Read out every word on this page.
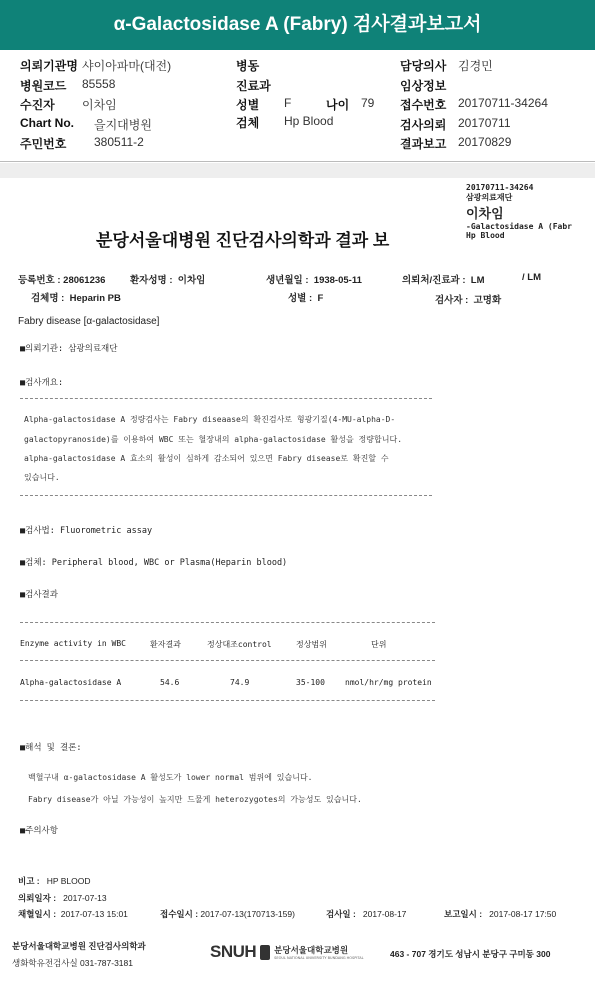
α-Galactosidase A (Fabry) 검사결과보고서
의뢰기관명 샤이아파마(대전)
병원코드 85558
수진자 이차임
Chart No. 을지대병원
주민번호 380511-2
병동
진료과
성별 F	나이 79
검체 Hp Blood
담당의사 김경민
임상정보
접수번호 20170711-34264
검사의뢰 20170711
결과보고 20170829
20170711-34264
삼광의료재단
이차임
-Galactosidase A (Fabr
Hp Blood
분당서울대병원 진단검사의학과 결과 보
등록번호 : 28061236	환자성명 : 이차임	생년월일 : 1938-05-11	의뢰처/진료과 : LM	/ LM
검체명 : Heparin PB	성별 : F	검사자 : 고명화
Fabry disease [α-galactosidase]
■의뢰기관: 삼광의료재단
■검사개요:
Alpha-galactosidase A 정량검사는 Fabry diseaase의 확진검사로 형광기질(4-MU-alpha-D-
galactopyranoside)를 이용하여 WBC 또는 혈장내의 alpha-galactosidase 활성을 정량합니다.
alpha-galactosidase A 효소의 활성이 심하게 감소되어 있으면 Fabry disease로 확진할 수
있습니다.
■검사법: Fluorometric assay
■검체: Peripheral blood, WBC or Plasma(Heparin blood)
■검사결과
Enzyme activity in WBC	환자결과	정상대조control	정상범위	단위
Alpha-galactosidase A	54.6	74.9	35-100	nmol/hr/mg protein
■해석 및 결론:
백혈구내 α-galactosidase A 활성도가 lower normal 범위에 있습니다.
Fabry disease가 아닐 가능성이 높지만 드물게 heterozygotes의 가능성도 있습니다.
■주의사항
비고 : HP BLOOD
의뢰일자 : 2017-07-13
채혈일시 : 2017-07-13 15:01	접수일시 : 2017-07-13(170713-159)	검사일 : 2017-08-17	보고일시 : 2017-08-17 17:50
분당서울대학교병원 진단검사의학과
생화학유전검사실 031-787-3181
SNUH 분당서울대학교병원
SEOUL NATIONAL UNIVERSITY BUNDANG HOSPITAL	463 - 707 경기도 성남시 분당구 구미동 300
